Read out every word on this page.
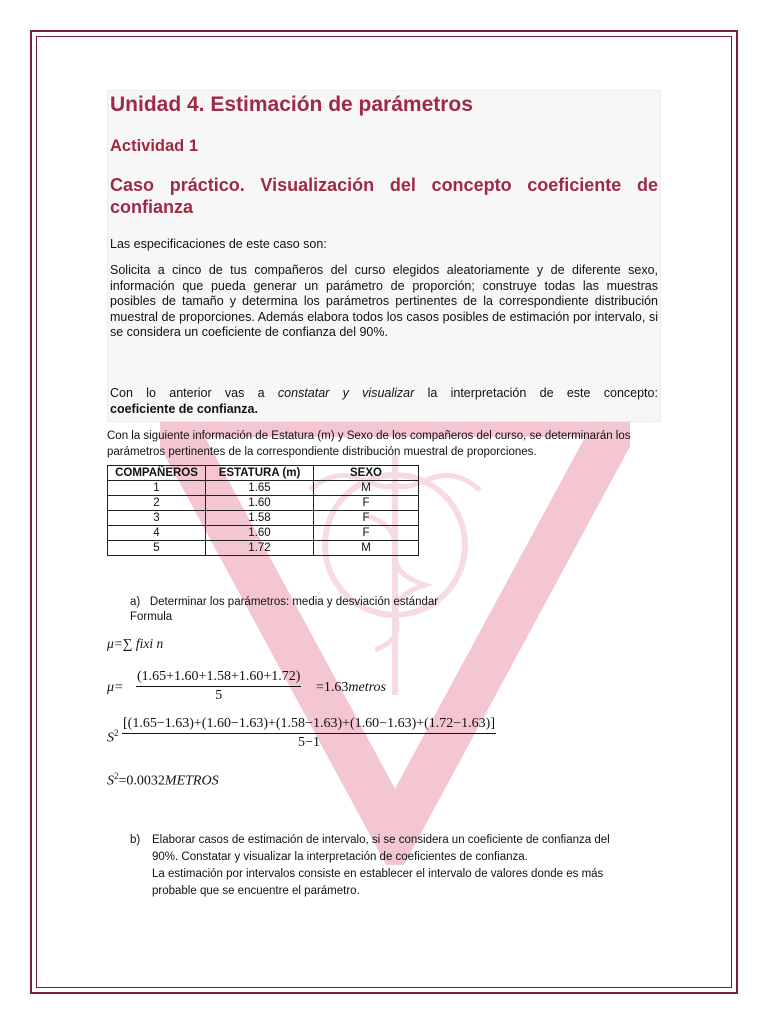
Unidad 4. Estimación de parámetros
Actividad 1
Caso práctico. Visualización del concepto coeficiente de
confianza
Las especificaciones de este caso son:

Solicita a cinco de tus compañeros del curso elegidos aleatoriamente y de diferente sexo, información que pueda generar un parámetro de proporción; construye todas las muestras posibles de tamaño y determina los parámetros pertinentes de la correspondiente distribución muestral de proporciones. Además elabora todos los casos posibles de estimación por intervalo, si se considera un coeficiente de confianza del 90%.

Con lo anterior vas a constatar y visualizar la interpretación de este concepto:
coeficiente de confianza.

Con la siguiente información de Estatura (m) y Sexo de los compañeros del curso, se determinarán los parámetros pertinentes de la correspondiente distribución muestral de proporciones.

COMPAÑEROS	ESTATURA (m)	SEXO
1	1.65	M
2	1.60	F
3	1.58	F
4	1.60	F
5	1.72	M
a) Determinar los parámetros: media y desviación estándar
Formula
μ=∑ fixi n
$\mu= \frac{(1.65+1.60+1.58+1.60+1.72)}{5}$ =1.63metros
$S^2$
[(1.65−1.63)+(1.60−1.63)+(1.58−1.63)+(1.60−1.63)+(1.72−1.63)]
5−1
$S^2=0.0032METROS$
b) Elaborar casos de estimación de intervalo, si se considera un coeficiente de confianza del
90%. Constatar y visualizar la interpretación de coeficientes de confianza.
La estimación por intervalos consiste en establecer el intervalo de valores donde es más
probable que se encuentre el parámetro.
